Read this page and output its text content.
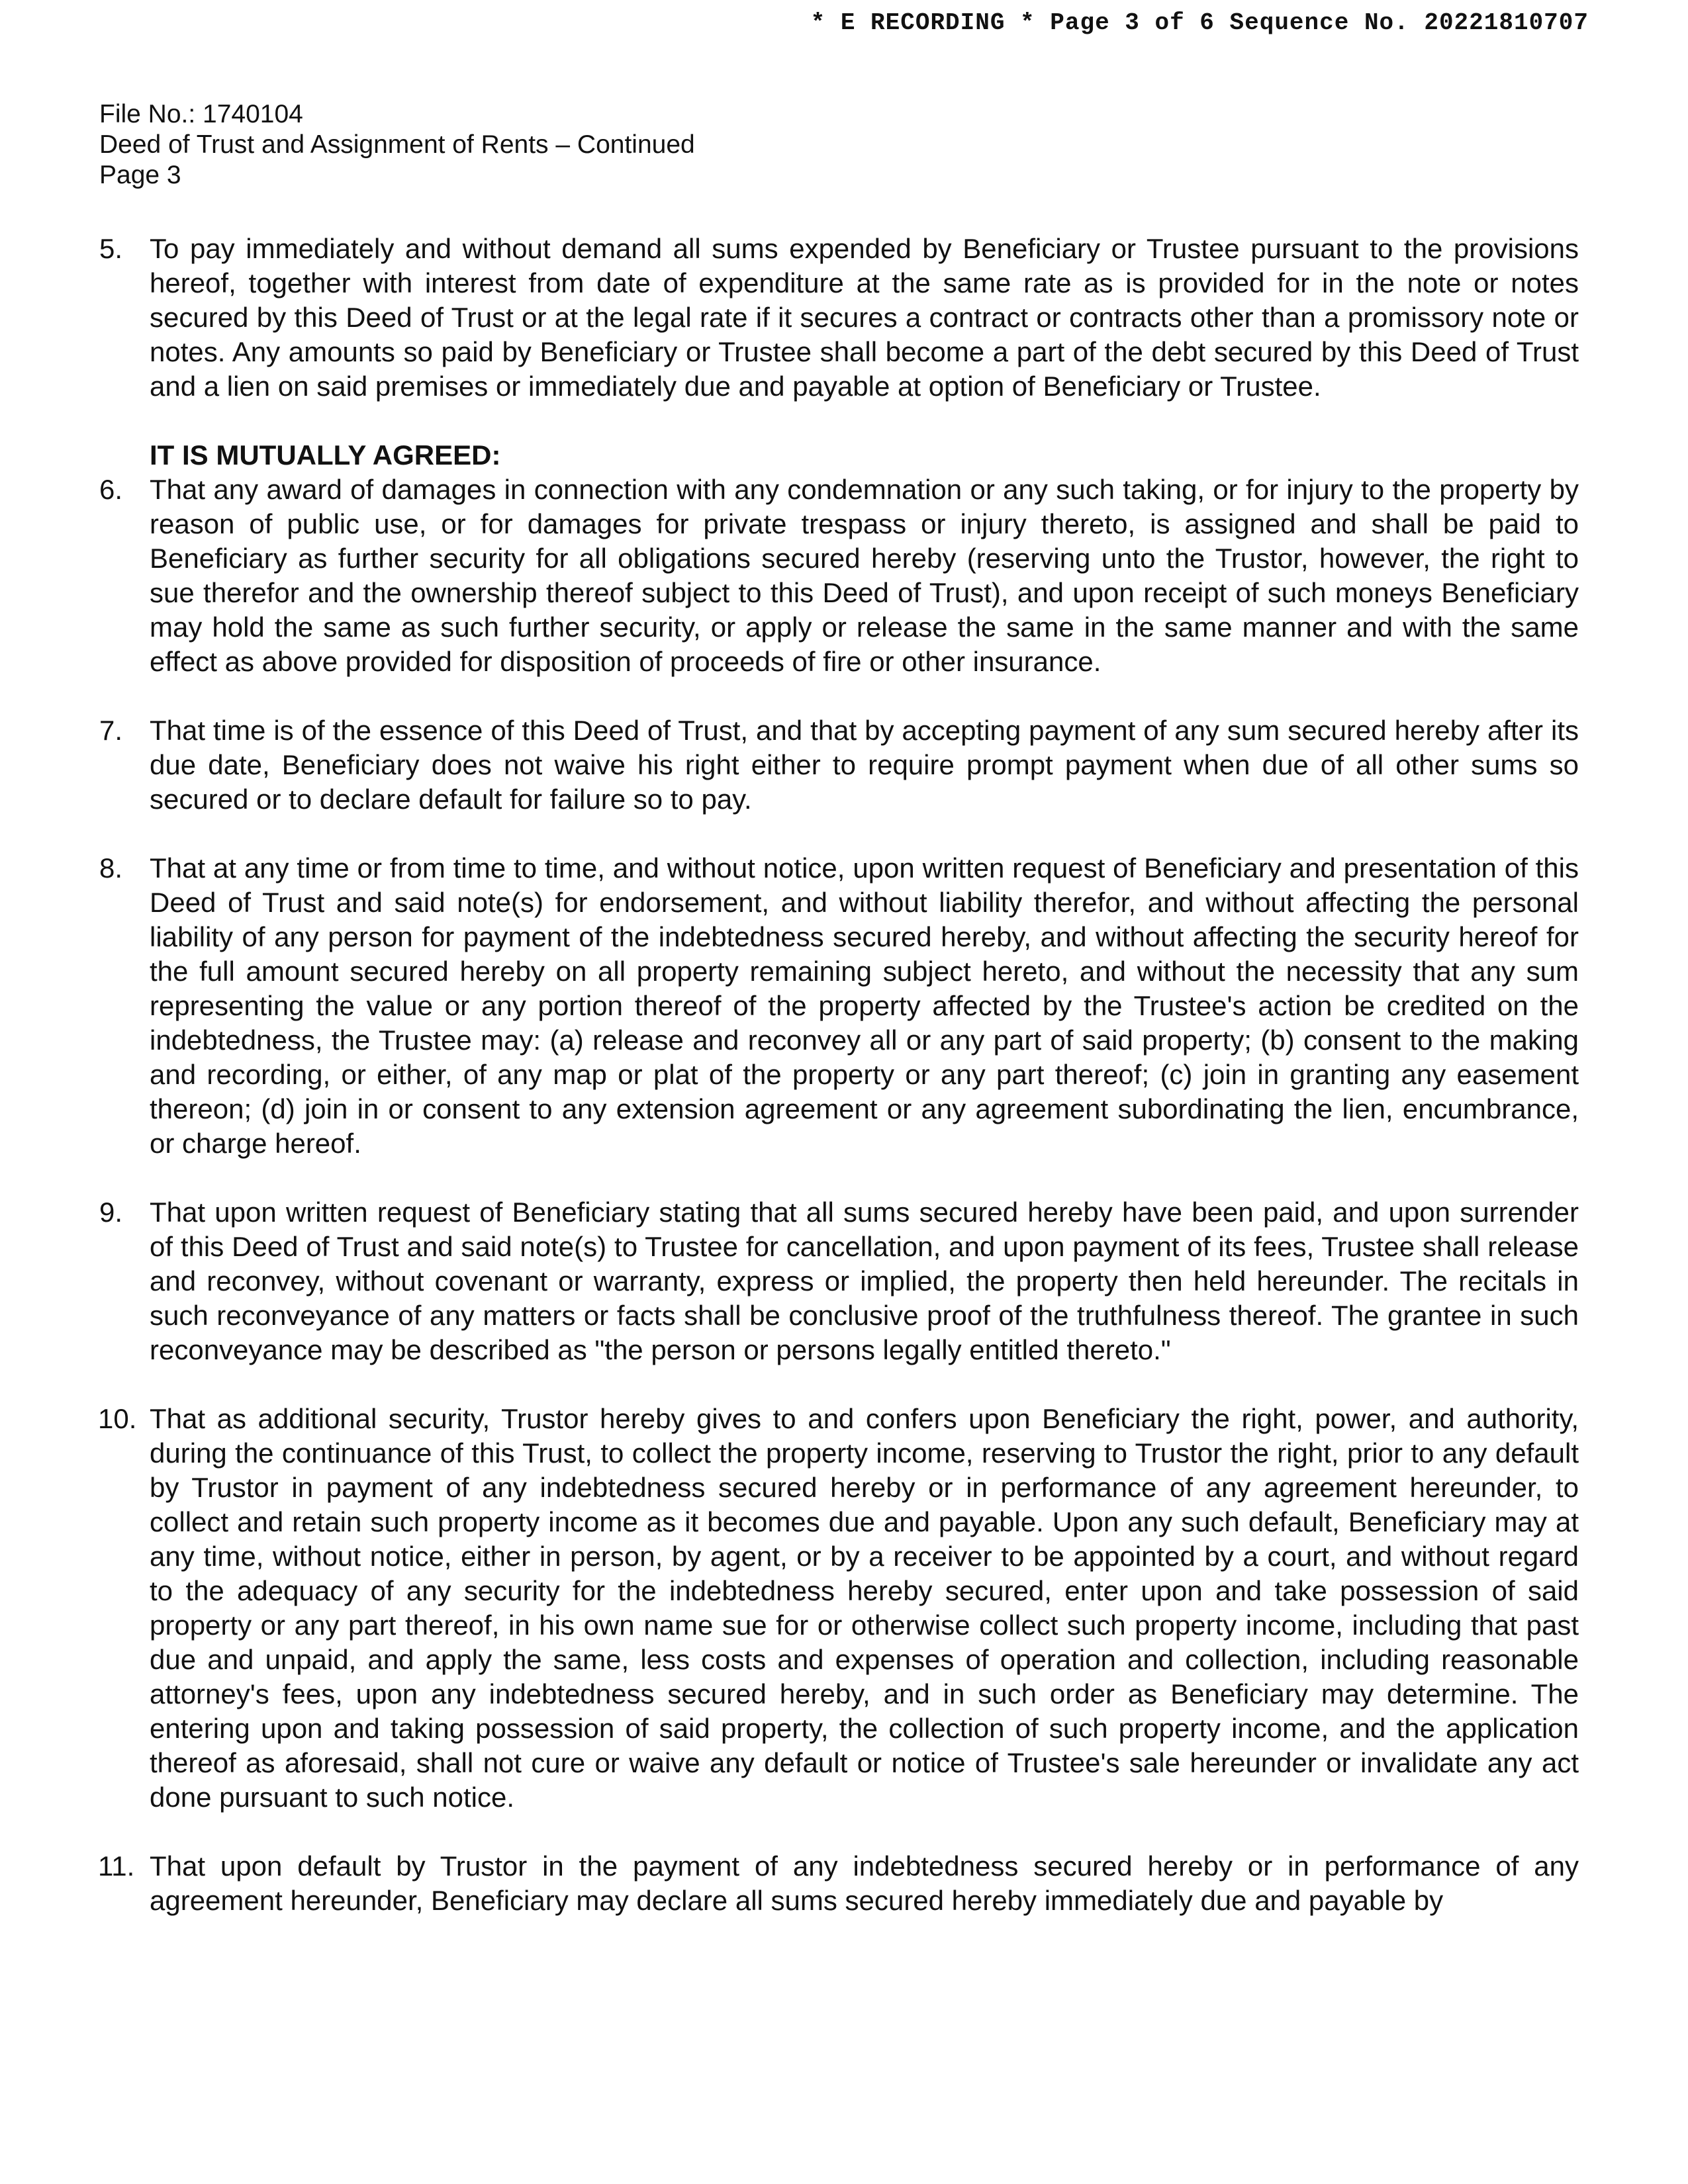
* E RECORDING * Page 3 of 6 Sequence No. 20221810707
File No.: 1740104
Deed of Trust and Assignment of Rents – Continued
Page 3
5. To pay immediately and without demand all sums expended by Beneficiary or Trustee pursuant to the provisions hereof, together with interest from date of expenditure at the same rate as is provided for in the note or notes secured by this Deed of Trust or at the legal rate if it secures a contract or contracts other than a promissory note or notes. Any amounts so paid by Beneficiary or Trustee shall become a part of the debt secured by this Deed of Trust and a lien on said premises or immediately due and payable at option of Beneficiary or Trustee.
IT IS MUTUALLY AGREED:
6. That any award of damages in connection with any condemnation or any such taking, or for injury to the property by reason of public use, or for damages for private trespass or injury thereto, is assigned and shall be paid to Beneficiary as further security for all obligations secured hereby (reserving unto the Trustor, however, the right to sue therefor and the ownership thereof subject to this Deed of Trust), and upon receipt of such moneys Beneficiary may hold the same as such further security, or apply or release the same in the same manner and with the same effect as above provided for disposition of proceeds of fire or other insurance.
7. That time is of the essence of this Deed of Trust, and that by accepting payment of any sum secured hereby after its due date, Beneficiary does not waive his right either to require prompt payment when due of all other sums so secured or to declare default for failure so to pay.
8. That at any time or from time to time, and without notice, upon written request of Beneficiary and presentation of this Deed of Trust and said note(s) for endorsement, and without liability therefor, and without affecting the personal liability of any person for payment of the indebtedness secured hereby, and without affecting the security hereof for the full amount secured hereby on all property remaining subject hereto, and without the necessity that any sum representing the value or any portion thereof of the property affected by the Trustee's action be credited on the indebtedness, the Trustee may: (a) release and reconvey all or any part of said property; (b) consent to the making and recording, or either, of any map or plat of the property or any part thereof; (c) join in granting any easement thereon; (d) join in or consent to any extension agreement or any agreement subordinating the lien, encumbrance, or charge hereof.
9. That upon written request of Beneficiary stating that all sums secured hereby have been paid, and upon surrender of this Deed of Trust and said note(s) to Trustee for cancellation, and upon payment of its fees, Trustee shall release and reconvey, without covenant or warranty, express or implied, the property then held hereunder. The recitals in such reconveyance of any matters or facts shall be conclusive proof of the truthfulness thereof. The grantee in such reconveyance may be described as "the person or persons legally entitled thereto."
10. That as additional security, Trustor hereby gives to and confers upon Beneficiary the right, power, and authority, during the continuance of this Trust, to collect the property income, reserving to Trustor the right, prior to any default by Trustor in payment of any indebtedness secured hereby or in performance of any agreement hereunder, to collect and retain such property income as it becomes due and payable. Upon any such default, Beneficiary may at any time, without notice, either in person, by agent, or by a receiver to be appointed by a court, and without regard to the adequacy of any security for the indebtedness hereby secured, enter upon and take possession of said property or any part thereof, in his own name sue for or otherwise collect such property income, including that past due and unpaid, and apply the same, less costs and expenses of operation and collection, including reasonable attorney's fees, upon any indebtedness secured hereby, and in such order as Beneficiary may determine. The entering upon and taking possession of said property, the collection of such property income, and the application thereof as aforesaid, shall not cure or waive any default or notice of Trustee's sale hereunder or invalidate any act done pursuant to such notice.
11. That upon default by Trustor in the payment of any indebtedness secured hereby or in performance of any agreement hereunder, Beneficiary may declare all sums secured hereby immediately due and payable by
